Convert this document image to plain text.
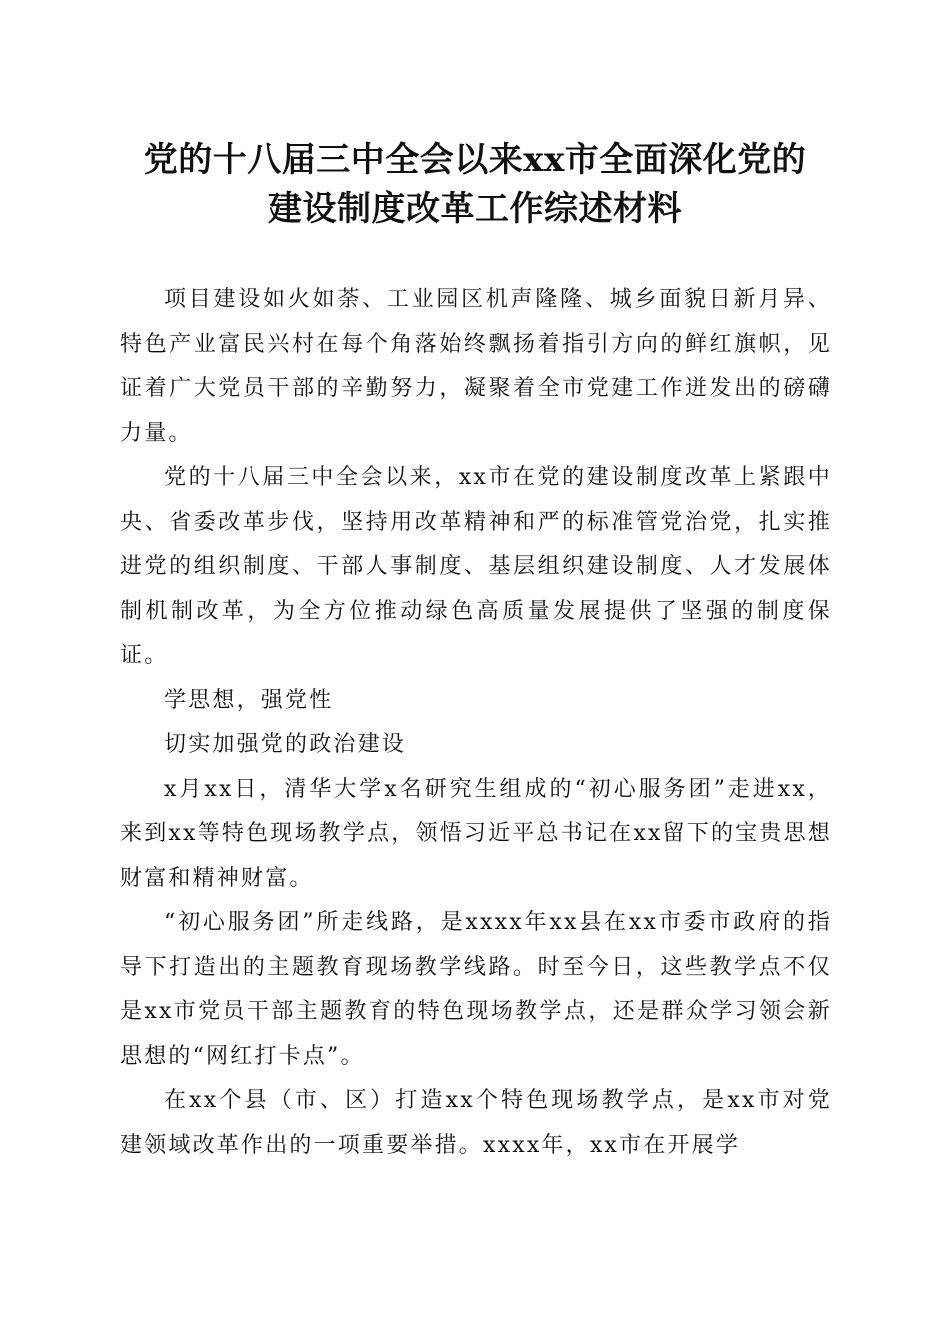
党的十八届三中全会以来xx市全面深化党的
建设制度改革工作综述材料

项目建设如火如荼、工业园区机声隆隆、城乡面貌日新月异、特色产业富民兴村在每个角落始终飘扬着指引方向的鲜红旗帜，见证着广大党员干部的辛勤努力，凝聚着全市党建工作迸发出的磅礴力量。

党的十八届三中全会以来，xx市在党的建设制度改革上紧跟中央、省委改革步伐，坚持用改革精神和严的标准管党治党，扎实推进党的组织制度、干部人事制度、基层组织建设制度、人才发展体制机制改革，为全方位推动绿色高质量发展提供了坚强的制度保证。

学思想，强党性

切实加强党的政治建设

x月xx日，清华大学x名研究生组成的“初心服务团”走进xx，来到xx等特色现场教学点，领悟习近平总书记在xx留下的宝贵思想财富和精神财富。

“初心服务团”所走线路，是xxxx年xx县在xx市委市政府的指导下打造出的主题教育现场教学线路。时至今日，这些教学点不仅是xx市党员干部主题教育的特色现场教学点，还是群众学习领会新思想的“网红打卡点”。

在xx个县（市、区）打造xx个特色现场教学点，是xx市对党建领域改革作出的一项重要举措。xxxx年，xx市在开展学
